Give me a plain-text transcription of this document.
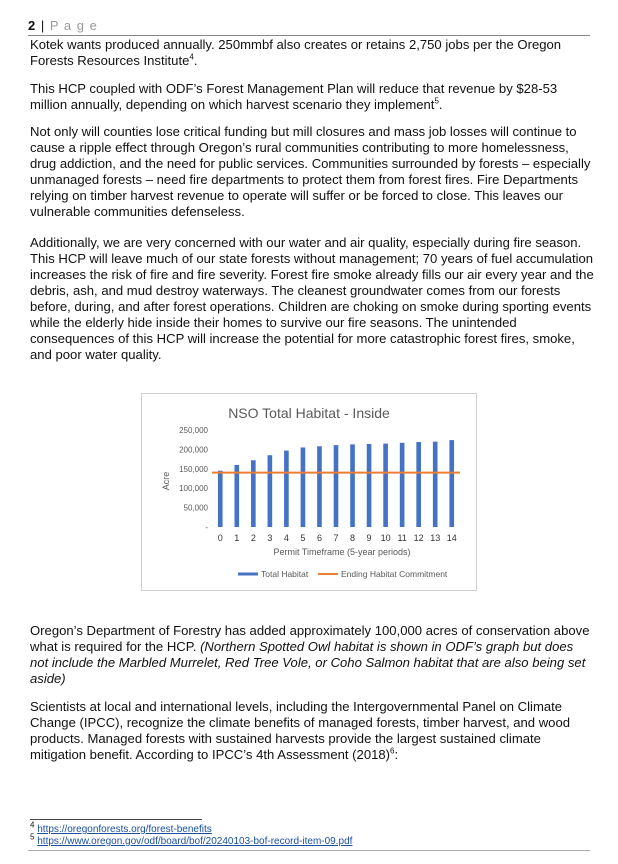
2 | P a g e

Kotek wants produced annually. 250mmbf also creates or retains 2,750 jobs per the Oregon Forests Resources Institute$^4$.

This HCP coupled with ODF’s Forest Management Plan will reduce that revenue by $28-53 million annually, depending on which harvest scenario they implement$^5$.

Not only will counties lose critical funding but mill closures and mass job losses will continue to cause a ripple effect through Oregon’s rural communities contributing to more homelessness, drug addiction, and the need for public services. Communities surrounded by forests – especially unmanaged forests – need fire departments to protect them from forest fires. Fire Departments relying on timber harvest revenue to operate will suffer or be forced to close. This leaves our vulnerable communities defenseless.

Additionally, we are very concerned with our water and air quality, especially during fire season. This HCP will leave much of our state forests without management; 70 years of fuel accumulation increases the risk of fire and fire severity. Forest fire smoke already fills our air every year and the debris, ash, and mud destroy waterways. The cleanest groundwater comes from our forests before, during, and after forest operations. Children are choking on smoke during sporting events while the elderly hide inside their homes to survive our fire seasons. The unintended consequences of this HCP will increase the potential for more catastrophic forest fires, smoke, and poor water quality.

NSO Total Habitat - Inside
Acre
Permit Timeframe (5-year periods)
-
50,000
100,000
150,000
200,000
250,000
0 1 2 3 4 5 6 7 8 9 10 11 12 13 14
Total Habitat	Ending Habitat Commitment

Oregon’s Department of Forestry has added approximately 100,000 acres of conservation above what is required for the HCP. (Northern Spotted Owl habitat is shown in ODF’s graph but does not include the Marbled Murrelet, Red Tree Vole, or Coho Salmon habitat that are also being set aside)

Scientists at local and international levels, including the Intergovernmental Panel on Climate Change (IPCC), recognize the climate benefits of managed forests, timber harvest, and wood products. Managed forests with sustained harvests provide the largest sustained climate mitigation benefit. According to IPCC’s 4th Assessment $(2018)^6$:

$^4$ https://oregonforests.org/forest-benefits
$^5$ https://www.oregon.gov/odf/board/bof/20240103-bof-record-item-09.pdf
